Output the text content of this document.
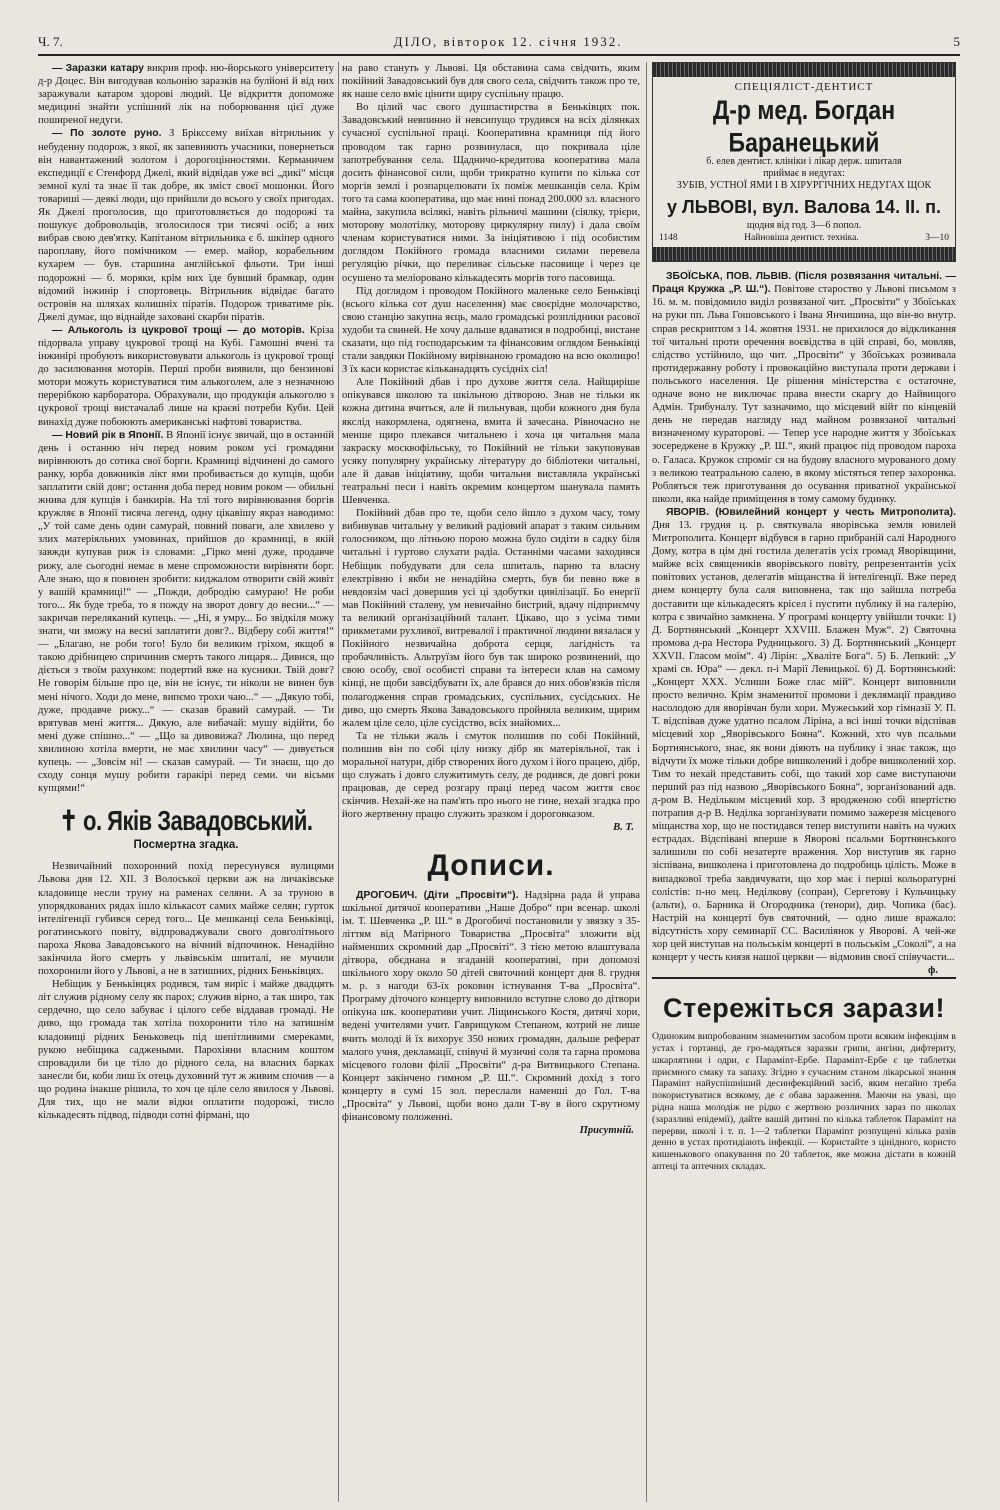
Ч. 7.	ДІЛО, вівторок 12. січня 1932.	5

— Заразки катару викрив проф. ню-йорського університету д-р Доцес. Він вигодував кольонію заразків на булйоні й від них заражували катаром здорові людий. Це відкриття допоможе медицині знайти успішний лік на поборювання цієї дуже поширеної недуги.

— По золоте руно. З Брікссему виїхав вітрильник у небуденну подорож, з якої, як запевняють учасники, повернеться він навантажений золотом і дорогоцінностями. Керманичем експедиції є Стенфорд Джелі, який відвідав уже всі „дикі“ місця земної кулі та знає її так добре, як зміст своєї мошонки. Його товариші — деякі люди, що прийшли до всього у своїх пригодах. Як Джелі проголосив, що приготовляється до подорожі та пошукує добровольців, зголосилося три тисячі осіб; а них вибрав свою дев'ятку. Капітаном вітрильника є б. шкіпер одного пароплаву, його помічником — емер. майор, корабельним кухарем — був. старшина англійської фльоти. Три інші подорожні — б. моряки, крім них їде бувший брамкар, один відомий інжинір і спортовець. Вітрильник відвідає багато островів на шляхах колишніх піратів. Подорож триватиме рік. Джелі думає, що віднайде заховані скарби піратів.

— Алькоголь із цукрової трощі — до моторів. Кріза підорвала управу цукрової трощі на Кубі. Гамошні вчені та інжинірі пробують використовувати алькоголь із цукрової трощі до засилювання моторів. Перші проби виявили, що бензиновi мотори можуть користуватися тим алькоголем, але з незначною перерібкою карборатора. Обрахували, що продукція алькоголю з цукрової трощі вистачалаб лише на краєві потреби Куби. Цей винахід дуже побоюють американські нафтові товариства.

— Новий рік в Японії. В Японії існує звичай, що в останній день і останню ніч перед новим роком усі громадяни вирівнюють до сотика свої борги. Крамниці відчинені до самого ранку, юрба довжників лікт ями пробивається до купців, щоби заплатити свій довг; остання доба перед новим роком — обильні жнива для купців і банкирів. На тлі того вирівнювання боргів кружляє в Японії тисяча легенд, одну цікавішу якраз наводимо: „У той саме день один самурай, повний поваги, але хвилево у злих матеріяльних умовинах, прийшов до крамниці, в якій завжди купував риж із словами: „Гірко мені дуже, продавче рижу, але сьогодні немає в мене спроможности вирівняти борг. Але знаю, що я повинен зробити: киджалом отворити свій живіт у вашій крамниці!“ — „Пожди, добродію самураю! Не роби того... Як буде треба, то я пожду на зворот довгу до весни...“ — закричав переляканий купець. — „Ні, я умру... Бо звідкіля можу знати, чи зможу на весні заплатити довг?.. Відберу собі життя!“ — „Благаю, не роби того! Було би великим гріхом, якщоб я такою дрібницею спричинив смерть такого лицаря... Дивися, що діється з твоїм рахунком: подертий вже на кусники. Твій довг? Не говорім більше про це, він не існує, ти ніколи не винен був мені нічого. Ходи до мене, випємо трохи чаю...“ — „Дякую тобі, дуже, продавче рижу...“ — сказав бравий самурай. — Ти врятував мені життя... Дякую, але вибачай: мушу відійти, бо мені дуже спішно...“ — „Що за дивовижа? Люлина, що перед хвилиною хотіла вмерти, не має хвилини часу“ — дивується купець. — „Зовсім ні! — сказав самурай. — Ти знаєш, що до сходу сонця мушу робити гаракірі перед семи. чи вісьми купцями!“

✝ о. Яків Завадовський.
Посмертна згадка.

Незвичайний похоронний похід пересунувся вулицями Львова дня 12. XII. З Волоської церкви аж на личаківське кладовище несли труну на раменах селяни. А за труною в упорядкованих рядах ішло кількасот самих майже селян; гурток інтелігенції губився серед того... Це мешканці села Беньківці, рогатинського повіту, відпроваджували свого довголітнього пароха Якова Завадовського на вічний відпочинок. Ненадійно закінчила його смерть у львівськім шпиталі, не мучили похоронили його у Львові, а не в затишних, рідних Беньківцях.

Небіщик у Беньківцях родився, там виріс і майже двадцять літ служив рідному селу як пароx; служив вірно, а так широ, так сердечно, що село забуває і цілого себе віддавав громаді. Не диво, що громада так хотіла похоронити тіло на затишнім кладовищі рідних Беньковець під шепітливими смереками, рукою небіщика саджеными. Парохіяни власним коштом спровадили би це тіло до рідного села, на власних барках занесли би, коби лиш їх отець духовний тут ж живим спочив — а що родина інакше рішила, то хоч це ціле село явилося у Львові. Для тих, що не мали відки оплатити подорожі, тисло кількадесять підвод, підводи сотні фірмані, що

на раво стануть у Львові. Ця обставина сама свідчить, яким покійний Завадовський був для свого села, свідчить також про те, як наше село вміє цінити щиру суспільну працю.

Во цілий час свого душпастирства в Беньківцях пок. Завадовський невпинно й невсипущо трудився на всіх ділянках сучасної суспільної праці. Кооперативна крамниця під його проводом так гарно розвинулася, що покривала ціле запотребування села. Щадничо-кредитова кооператива мала досить фінансової сили, щоби трикратно купити по кілька сот моргів землі і розпарцелювати їх поміж мешканців села. Крім того та сама кооператива, що має нині понад 200.000 зл. власного майна, закупила вcілякі, навіть рільничі машини (сіялку, трієри, моторову молотілку, моторову циркулярну пилу) і дала своїм членам користуватися ними. За ініціятивою і під особистим доглядом Покійного громада власними силами перевела регуляцію річки, що переливає сільське пасовище і через це осушено та мeлiоровано кількадесять моргів того пасовища.

Під доглядом і проводом Покійного маленьке село Беньківці (всього кілька сот душ населення) має своєрідне молочарство, свою станцію закупна яєць, мало громадські розплідники расової худоби та свиней. Не хочу дальше вдаватися в подробиці, вистане сказати, що під господарським та фінансовим оглядом Беньківці стали завдяки Покійному вирівнаною громадою на всю околицю! З їх каси користає кільканадцять сусідніх сіл!

Але Покійний дбав і про духове життя села. Найщиріше опікувався школою та шкільною дітворою. Знав не тільки як кожна дитина вчиться, але й пильнував, щоби кожного дня була якслід накормлена, одягнена, вмита й зачесана. Рівночасно не менше щиро плекався читальнею і хоча ця читальня мала закраску москвофільську, то Покійний не тільки закуповував усяку популярну українську літературу до бібліотеки читальні, але й давав ініціятиву, щоби читальня виставляла українські театральні песи і навіть окремим концертом шанувала память Шевченка.

Покійний дбав про те, щоби село йшло з духом часу, тому вибивував читальну у великий радіовий апарат з таким сильним голосником, що літньою порою можна було сидіти в садку біля читальні і гуртово слухати радіа. Останніми часами заходився Небіщик побудувати для села шпиталь, парню та власну електрівню і якби не ненадійна смерть, був би певно вже в невдовзім часі довершив усі ці здобутки цивілізації. Бо енергії мав Покійний сталеву, ум невичайно бистрий, вдачу підприємчу та великий організаційний талант. Цікаво, що з усіма тими прикметами рухливої, витревалої і практичної людини вязалася у Покійного незвичайна доброта серця, лагідність та пробачливість. Альтруїзм його був так широко розвинений, що свою особу, свої особисті справи та інтереси клав на самому кінці, не щоби завсідбувати їх, але брався до них обов'язків після полагодження справ громадських, суспільних, сусідських. Не диво, що смерть Якова Завадовського пройняла великим, щирим жалем ціле село, ціле сусідство, всіх знайомих...

Та не тільки жаль і смуток полишив по собі Покійний, полишив він по собі цілу низку дібр як матеріяльної, так і моральної натури, дібр створених його духом і його працею, дібр, що служать і довго служитимуть селу, де родився, де довгі роки працював, де серед розгару праці перед часом життя своє скінчив. Нехай-же на пам'ять про нього не гине, нехай згадка про його жертвенну працю служить зразком і дороговказом.

В. Т.
Дописи.

ДРОГОБИЧ. (Діти „Просвіти“). Надзірна рада й управа шкільної дитячої кооперативи „Наше Добро“ при всенар. школі ім. Т. Шевченка „Р. Ш.“ в Дрогобичі постановили у звязку з 35-літтям від Матірного Товариства „Просвіта“ зложити від найменших скромний дар „Просвіті“. З тією метою влаштувала дітвора, обєднана в згаданій кооперативі, при допомозі шкільного хору около 50 дітей святочний концерт дня 8. грудня м. р. з нагоди 63-їх роковин істнування Т-ва „Просвіта“. Програму діточого концерту виповнило вступне слово до дітвори опікуна шк. кооперативи учит. Ліщинського Костя, дитячі хори, ведені учителями учит. Гаврищуком Степаном, котрий не лише вчить молоді й їх вихорує 350 нових громадян, дальше реферат малого учня, декламації, співучі й музичні соля та гарна промова місцевого голови філії „Просвіти“ д-ра Витвицького Степана. Концерт закінчено гимном „Р. Ш.“. Скромний дохід з того концерту в сумі 15 зол. переслали наменші до Гол. Т-ва „Просвіта“ у Львові, щоби воно дали Т-ву в його скрутному фінансовому положенні.

Присутній.
СПЕЦІЯЛІСТ-ДЕНТИСТ
Д-р мед. Богдан Баранецький
б. елев дентист. клініки і лікар держ. шпиталя
приймає в недугах:
ЗУБІВ, УСТНОЇ ЯМИ І В ХІРУРГІЧНИХ НЕДУГАХ ЩОК
у ЛЬВОВІ, вул. Валова 14. II. п.
щодня від год. 3—6 попол.
1148	Найновіша дентист. техніка.	3—10

ЗБОЇСЬКА, ПОВ. ЛЬВІВ. (Після розвязання читальні. — Праця Кружка „Р. Ш.“). Повітове староство у Львові письмом з 16. м. м. повідомило виділ розвязаної чит. „Просвіти“ у Збоїськах на руки пп. Льва Гошовського і Івана Янчишина, що він-во внутр. справ рескриптом з 14. жовтня 1931. не прихилося до відкликання тої читальні проти оречення воєвідства в цій справі, бо, мовляв, слідство устійнило, що чит. „Просвіти“ у Збоїськах розвивала протидержавну роботу і провокаційно виступала проти держави і польського населення. Це рішення міністерства є остаточне, одначе воно не виключає права внести скаргу до Найвищого Адмін. Трибуналу. Тут зазначимо, що місцевий війт по кінцевій день не передав нагляду над майном розвязаної читальні визначеному кураторові. — Тепер усе народне життя у Збоїськах зосереджене в Кружку „Р. Ш.“, який працює під проводом пароха о. Галаса. Кружок спроміг ся на будову власного мурованого дому з великою театральною салею, в якому містяться тепер захоронка. Робляться теж приготування до осування приватної української школи, яка найде приміщення в тому самому будинку.

ЯВОРІВ. (Ювилейний концерт у честь Митрополита). Дня 13. грудня ц. р. святкувала яворівська земля ювилей Митрополита. Концерт відбувся в гарно прибраній салі Народного Дому, котра в цім дні гостила делегатів усіх громад Яворівщини, майже всіх священиків яворівського повіту, репрезентантів усіх повітових установ, делегатів міщанства й інтелігенції. Вже перед днем концерту була саля виповнена, так що зайшла потреба доставити ще кількадесять крісел і пустити публику й на галерію, котра є звичайно замкнена. У програмі концерту увійшли точки: 1) Д. Бортнянський „Концерт XXVIII. Блажен Муж“. 2) Святочна промова д-ра Нестора Рудницького. 3) Д. Бортнянський „Концерт XXVII. Гласом моїм“. 4) Лірін: „Хваліте Бога“. 5) Б. Лепкий: „У храмі св. Юра“ — декл. п-і Марії Левицької. 6) Д. Бортнянський: „Концерт XXX. Услиши Боже глас мій“. Концерт виповнили просто велично. Крім знаменитої промови і деклямації правдиво насолодою для яворівчан були хори. Мужеський хор гімназії У. П. Т. відспівав дуже удатно псалом Лірінa, а всі інші точки відспівав місцевий хор „Яворівського Бояна“. Кожний, хто чув псальми Бортнянського, знає, як вони діяють на публику і знає також, що відчути їх може тільки добре вишколений і добре вишколений хор. Тим то нехай представить собі, що такий хор саме виступаючи перший раз під назвою „Яворівського Бояна“, зорганізований адв. д-ром В. Недільком місцевий хор. З вродженою собі впертістю потрапив д-р В. Неділка зорганізувати помимо зажерезя місцевого міщанства хор, що не постидався тепер виступити навіть на чужих естрадах. Відспівані вперше в Яворові псальми Бортнянського залишили по собі незатерте враження. Хор виступив як гарно зіспівана, вишколена і приготовлена до подробиць цілість. Може в випадкової треба завдячувати, що хор має і перші кольоратурні солістів: п-но мец. Неділкову (сопран), Сергетову і Кульчицьку (альти), о. Барника й Огородника (тенори), дир. Чопика (бас). Настрій на концерті був святочний, — одно лише вражало: відсутність хору семинарії СС. Василіянок у Яворові. А чей-же хор цей виступав на польськім концерті в польськім „Соколі“, а на концерт у честь князя нашої церкви — відмовив своєї співучасти...

ф.
Стережіться зарази!
Одиноким випробованим знаменитим засобом проти всяким інфекціям в устах і гортанці, де гро-мадяться заразки грипи, ангіни, дифтериту, шкарлятини і одри, є Параміnт-Ербе. Параміnт-Ербе є це таблетки приємного смаку та запаху. Згідно з сучасним станом лікарської знання Параміnт найуспішніший десинфекційний засіб, яким негайно треба покористуватися всякому, де є обава зараження. Маючи на увазі, що рідна наша молодіж не рідко є жертвою розличних зараз по школах (заразливі епідемії), дайте вашій дитині по кілька таблеток Параміnт на перерви, школі і т. п. 1—2 таблетки Параміnт розпущені кілька разів денно в устах протидіають інфекції. — Користайте з цінідного, користо кишенькового опакування по 20 таблеток, яке можна дістати в кожній аптеці та аптечних складах.
